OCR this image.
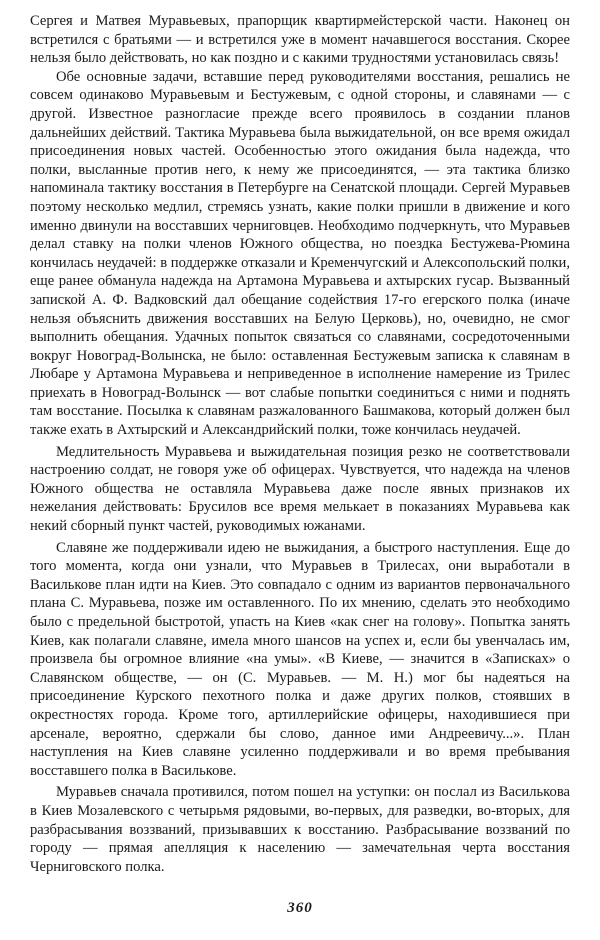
Сергея и Матвея Муравьевых, прапорщик квартирмейстерской части. Наконец он встретился с братьями — и встретился уже в момент начавшегося восстания. Скорее нельзя было действовать, но как поздно и с какими трудностями установилась связь!

Обе основные задачи, вставшие перед руководителями восстания, решались не совсем одинаково Муравьевым и Бестужевым, с одной стороны, и славянами — с другой. Известное разногласие прежде всего проявилось в создании планов дальнейших действий. Тактика Муравьева была выжидательной, он все время ожидал присоединения новых частей. Особенностью этого ожидания была надежда, что полки, высланные против него, к нему же присоединятся, — эта тактика близко напоминала тактику восстания в Петербурге на Сенатской площади. Сергей Муравьев поэтому несколько медлил, стремясь узнать, какие полки пришли в движение и кого именно двинули на восставших черниговцев. Необходимо подчеркнуть, что Муравьев делал ставку на полки членов Южного общества, но поездка Бестужева-Рюмина кончилась неудачей: в поддержке отказали и Кременчугский и Алексопольский полки, еще ранее обманула надежда на Артамона Муравьева и ахтырских гусар. Вызванный запиской А. Ф. Вадковский дал обещание содействия 17-го егерского полка (иначе нельзя объяснить движения восставших на Белую Церковь), но, очевидно, не смог выполнить обещания. Удачных попыток связаться со славянами, сосредоточенными вокруг Новоград-Волынска, не было: оставленная Бестужевым записка к славянам в Любаре у Артамона Муравьева и неприведенное в исполнение намерение из Трилес приехать в Новоград-Волынск — вот слабые попытки соединиться с ними и поднять там восстание. Посылка к славянам разжалованного Башмакова, который должен был также ехать в Ахтырский и Александрийский полки, тоже кончилась неудачей.

Медлительность Муравьева и выжидательная позиция резко не соответствовали настроению солдат, не говоря уже об офицерах. Чувствуется, что надежда на членов Южного общества не оставляла Муравьева даже после явных признаков их нежелания действовать: Брусилов все время мелькает в показаниях Муравьева как некий сборный пункт частей, руководимых южанами.

Славяне же поддерживали идею не выжидания, а быстрого наступления. Еще до того момента, когда они узнали, что Муравьев в Трилесах, они выработали в Василькове план идти на Киев. Это совпадало с одним из вариантов первоначального плана С. Муравьева, позже им оставленного. По их мнению, сделать это необходимо было с предельной быстротой, упасть на Киев «как снег на голову». Попытка занять Киев, как полагали славяне, имела много шансов на успех и, если бы увенчалась им, произвела бы огромное влияние «на умы». «В Киеве, — значится в «Записках» о Славянском обществе, — он (С. Муравьев. — М. Н.) мог бы надеяться на присоединение Курского пехотного полка и даже других полков, стоявших в окрестностях города. Кроме того, артиллерийские офицеры, находившиеся при арсенале, вероятно, сдержали бы слово, данное ими Андреевичу...». План наступления на Киев славяне усиленно поддерживали и во время пребывания восставшего полка в Василькове.

Муравьев сначала противился, потом пошел на уступки: он послал из Василькова в Киев Мозалевского с четырьмя рядовыми, во-первых, для разведки, во-вторых, для разбрасывания воззваний, призывавших к восстанию. Разбрасывание воззваний по городу — прямая апелляция к населению — замечательная черта восстания Черниговского полка.

360
